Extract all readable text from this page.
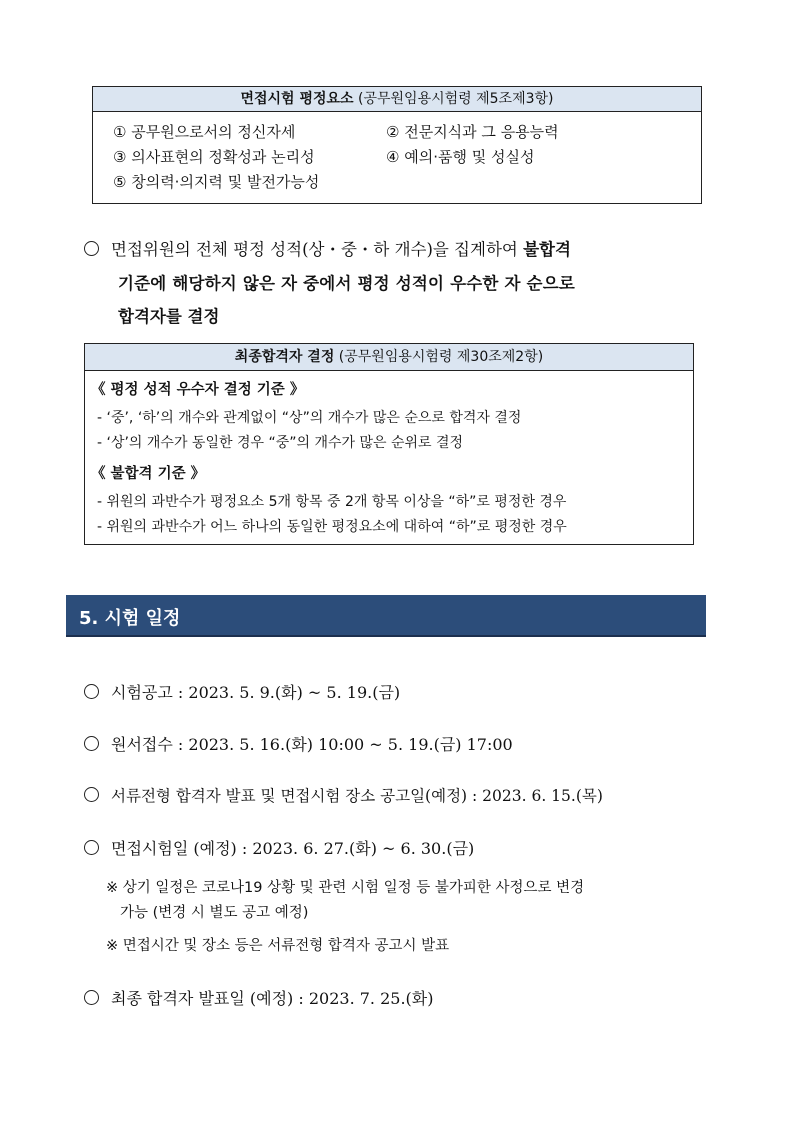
면접시험 평정요소 (공무원임용시험령 제5조제3항)
① 공무원으로서의 정신자세	② 전문지식과 그 응용능력
③ 의사표현의 정확성과 논리성	④ 예의·품행 및 성실성
⑤ 창의력·의지력 및 발전가능성
면접위원의 전체 평정 성적(상・중・하 개수)을 집계하여 불합격
기준에 해당하지 않은 자 중에서 평정 성적이 우수한 자 순으로
합격자를 결정
최종합격자 결정 (공무원임용시험령 제30조제2항)
《 평정 성적 우수자 결정 기준 》
- ‘중’, ‘하’의 개수와 관계없이 “상”의 개수가 많은 순으로 합격자 결정
- ‘상’의 개수가 동일한 경우 “중”의 개수가 많은 순위로 결정
《 불합격 기준 》
- 위원의 과반수가 평정요소 5개 항목 중 2개 항목 이상을 “하”로 평정한 경우
- 위원의 과반수가 어느 하나의 동일한 평정요소에 대하여 “하”로 평정한 경우
5. 시험 일정
시험공고 : 2023. 5. 9.(화) ~ 5. 19.(금)
원서접수 : 2023. 5. 16.(화) 10:00 ~ 5. 19.(금) 17:00
서류전형 합격자 발표 및 면접시험 장소 공고일(예정) : 2023. 6. 15.(목)
면접시험일 (예정) : 2023. 6. 27.(화) ~ 6. 30.(금)
※ 상기 일정은 코로나19 상황 및 관련 시험 일정 등 불가피한 사정으로 변경
가능 (변경 시 별도 공고 예정)
※ 면접시간 및 장소 등은 서류전형 합격자 공고시 발표
최종 합격자 발표일 (예정) : 2023. 7. 25.(화)
